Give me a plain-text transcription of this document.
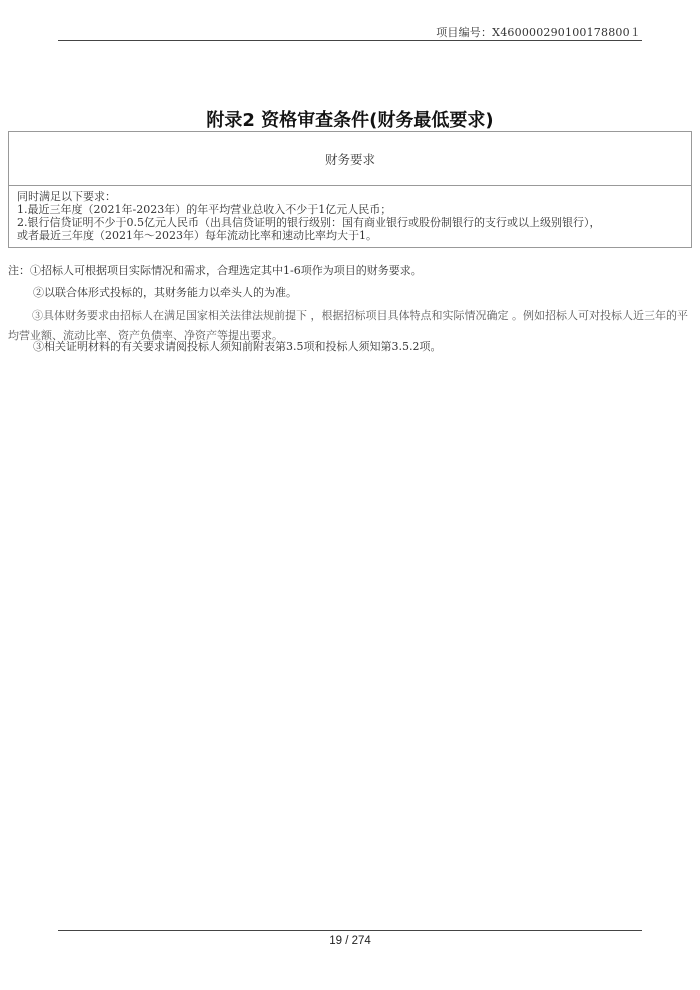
项目编号：X460000290100178800１
附录2 资格审查条件(财务最低要求)
财务要求

同时满足以下要求：
1.最近三年度（2021年-2023年）的年平均营业总收入不少于1亿元人民币；
2.银行信贷证明不少于0.5亿元人民币（出具信贷证明的银行级别：国有商业银行或股份制银行的支行或以上级别银行），
或者最近三年度（2021年～2023年）每年流动比率和速动比率均大于1。
注：①招标人可根据项目实际情况和需求，合理选定其中1-6项作为项目的财务要求。
②以联合体形式投标的，其财务能力以牵头人的为准。
③具体财务要求由招标人在满足国家相关法律法规前提下 ，根据招标项目具体特点和实际情况确定 。例如招标人可对投标人近三年的平均营业额、流动比率、资产负债率、净资产等提出要求。
③相关证明材料的有关要求请阅投标人须知前附表第3.5项和投标人须知第3.5.2项。
19 / 274
